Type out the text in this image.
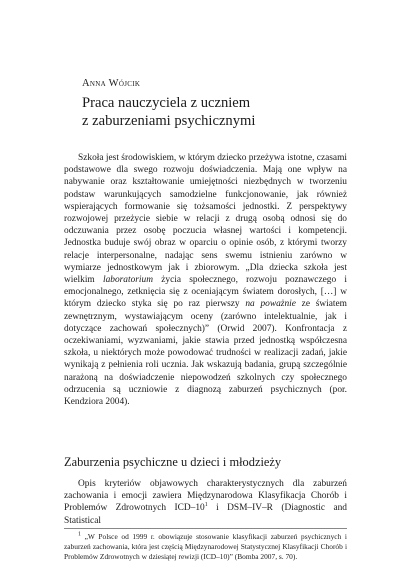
Anna Wójcik
Praca nauczyciela z uczniem
z zaburzeniami psychicznymi

Szkoła jest środowiskiem, w którym dziecko przeżywa istotne, czasami podstawowe dla swego rozwoju doświadczenia. Mają one wpływ na nabywanie oraz kształtowanie umiejętności niezbędnych w tworzeniu podstaw warunkujących samodzielne funkcjonowanie, jak również wspierających formowanie się tożsamości jednostki. Z perspektywy rozwojowej przeżycie siebie w relacji z drugą osobą odnosi się do odczuwania przez osobę poczucia własnej wartości i kompetencji. Jednostka buduje swój obraz w oparciu o opinie osób, z którymi tworzy relacje interpersonalne, nadając sens swemu istnieniu zarówno w wymiarze jednostkowym jak i zbiorowym. „Dla dziecka szkoła jest wielkim laboratorium życia społecznego, rozwoju poznawczego i emocjonalnego, zetknięcia się z oceniającym światem dorosłych, […] w którym dziecko styka się po raz pierwszy na poważnie ze światem zewnętrznym, wystawiającym oceny (zarówno intelektualnie, jak i dotyczące zachowań społecznych)” (Orwid 2007). Konfrontacja z oczekiwaniami, wyzwaniami, jakie stawia przed jednostką współczesna szkoła, u niektórych może powodować trudności w realizacji zadań, jakie wynikają z pełnienia roli ucznia. Jak wskazują badania, grupą szczególnie narażoną na doświadczenie niepowodzeń szkolnych czy społecznego odrzucenia są uczniowie z diagnozą zaburzeń psychicznych (por. Kendziora 2004).

Zaburzenia psychiczne u dzieci i młodzieży

Opis kryteriów objawowych charakterystycznych dla zaburzeń zachowania i emocji zawiera Międzynarodowa Klasyfikacja Chorób i Problemów Zdrowotnych ICD–$10^1$ i DSM–IV–R (Diagnostic and Statistical

$^1$ „W Polsce od 1999 r. obowiązuje stosowanie klasyfikacji zaburzeń psychicznych i zaburzeń zachowania, która jest częścią Międzynarodowej Statystycznej Klasyfikacji Chorób i Problemów Zdrowotnych w dziesiątej rewizji (ICD–10)” (Bomba 2007, s. 70).
